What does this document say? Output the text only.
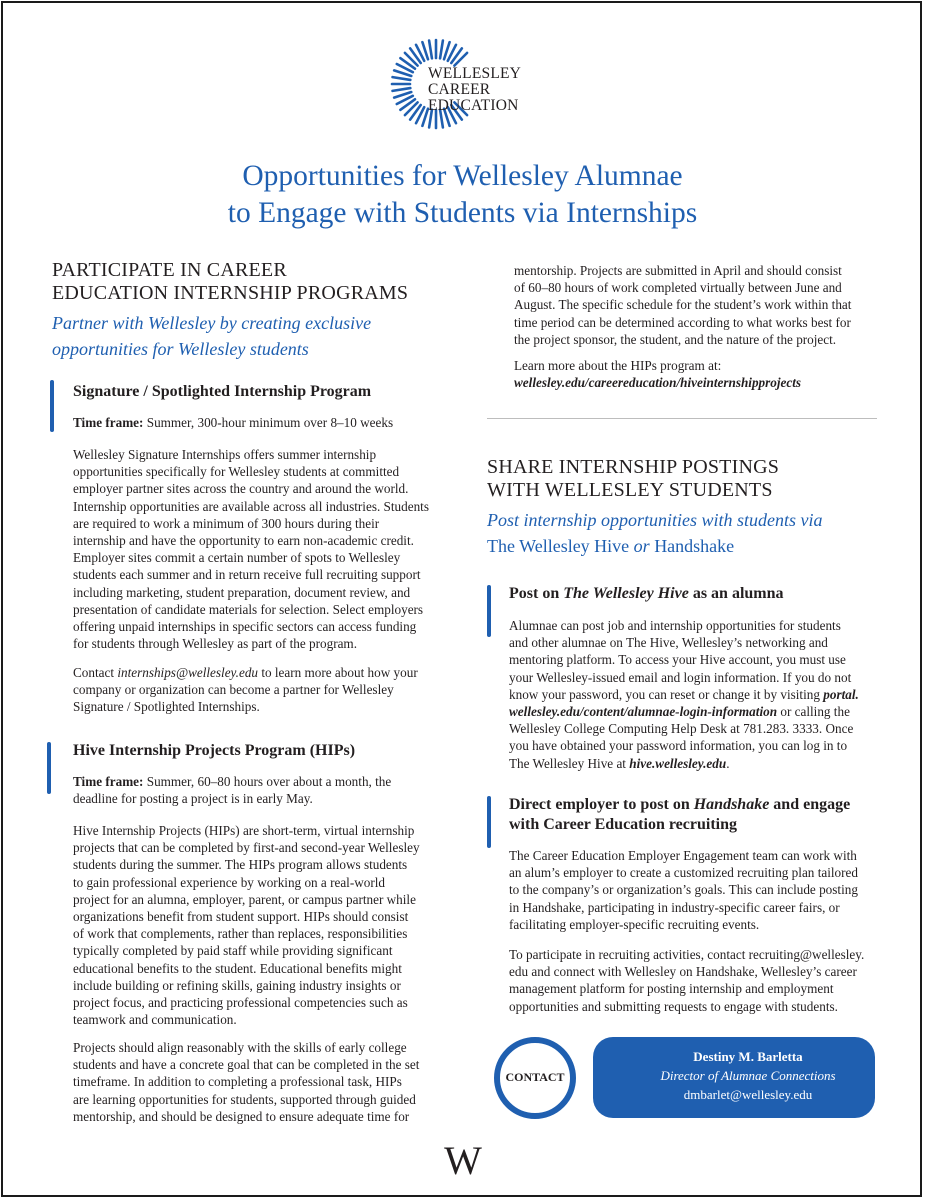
WELLESLEY
CAREER
EDUCATION
Opportunities for Wellesley Alumnae
to Engage with Students via Internships
PARTICIPATE IN CAREER
EDUCATION INTERNSHIP PROGRAMS
Partner with Wellesley by creating exclusive
opportunities for Wellesley students
Signature / Spotlighted Internship Program
Time frame: Summer, 300-hour minimum over 8–10 weeks
Wellesley Signature Internships offers summer internship
opportunities specifically for Wellesley students at committed
employer partner sites across the country and around the world.
Internship opportunities are available across all industries. Students
are required to work a minimum of 300 hours during their
internship and have the opportunity to earn non-academic credit.
Employer sites commit a certain number of spots to Wellesley
students each summer and in return receive full recruiting support
including marketing, student preparation, document review, and
presentation of candidate materials for selection. Select employers
offering unpaid internships in specific sectors can access funding
for students through Wellesley as part of the program.
Contact internships@wellesley.edu to learn more about how your
company or organization can become a partner for Wellesley
Signature / Spotlighted Internships.
Hive Internship Projects Program (HIPs)
Time frame: Summer, 60–80 hours over about a month, the
deadline for posting a project is in early May.
Hive Internship Projects (HIPs) are short-term, virtual internship
projects that can be completed by first-and second-year Wellesley
students during the summer. The HIPs program allows students
to gain professional experience by working on a real-world
project for an alumna, employer, parent, or campus partner while
organizations benefit from student support. HIPs should consist
of work that complements, rather than replaces, responsibilities
typically completed by paid staff while providing significant
educational benefits to the student. Educational benefits might
include building or refining skills, gaining industry insights or
project focus, and practicing professional competencies such as
teamwork and communication.
Projects should align reasonably with the skills of early college
students and have a concrete goal that can be completed in the set
timeframe. In addition to completing a professional task, HIPs
are learning opportunities for students, supported through guided
mentorship, and should be designed to ensure adequate time for
mentorship. Projects are submitted in April and should consist
of 60–80 hours of work completed virtually between June and
August. The specific schedule for the student’s work within that
time period can be determined according to what works best for
the project sponsor, the student, and the nature of the project.
Learn more about the HIPs program at:
wellesley.edu/careereducation/hiveinternshipprojects
SHARE INTERNSHIP POSTINGS
WITH WELLESLEY STUDENTS
Post internship opportunities with students via
The Wellesley Hive or Handshake
Post on The Wellesley Hive as an alumna
Alumnae can post job and internship opportunities for students
and other alumnae on The Hive, Wellesley’s networking and
mentoring platform. To access your Hive account, you must use
your Wellesley-issued email and login information. If you do not
know your password, you can reset or change it by visiting portal.
wellesley.edu/content/alumnae-login-information or calling the
Wellesley College Computing Help Desk at 781.283. 3333. Once
you have obtained your password information, you can log in to
The Wellesley Hive at hive.wellesley.edu.
Direct employer to post on Handshake and engage
with Career Education recruiting
The Career Education Employer Engagement team can work with
an alum’s employer to create a customized recruiting plan tailored
to the company’s or organization’s goals. This can include posting
in Handshake, participating in industry-specific career fairs, or
facilitating employer-specific recruiting events.
To participate in recruiting activities, contact recruiting@wellesley.
edu and connect with Wellesley on Handshake, Wellesley’s career
management platform for posting internship and employment
opportunities and submitting requests to engage with students.
Destiny M. Barletta
Director of Alumnae Connections
dmbarlet@wellesley.edu
CONTACT
W
